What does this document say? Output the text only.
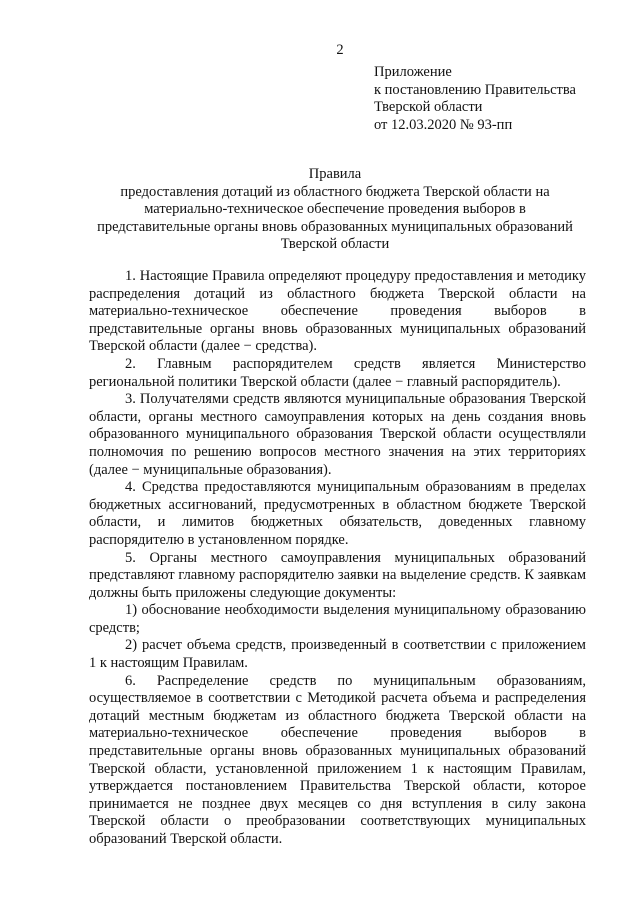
2
Приложение
к постановлению Правительства
Тверской области
от 12.03.2020 № 93-пп
Правила
предоставления дотаций из областного бюджета Тверской области на
материально-техническое обеспечение проведения выборов в
представительные органы вновь образованных муниципальных образований
Тверской области

1. Настоящие Правила определяют процедуру предоставления и методику распределения дотаций из областного бюджета Тверской области на материально-техническое обеспечение проведения выборов в представительные органы вновь образованных муниципальных образований Тверской области (далее − средства).

2. Главным распорядителем средств является Министерство региональной политики Тверской области (далее − главный распорядитель).

3. Получателями средств являются муниципальные образования Тверской области, органы местного самоуправления которых на день создания вновь образованного муниципального образования Тверской области осуществляли полномочия по решению вопросов местного значения на этих территориях (далее − муниципальные образования).

4. Средства предоставляются муниципальным образованиям в пределах бюджетных ассигнований, предусмотренных в областном бюджете Тверской области, и лимитов бюджетных обязательств, доведенных главному распорядителю в установленном порядке.

5. Органы местного самоуправления муниципальных образований представляют главному распорядителю заявки на выделение средств. К заявкам должны быть приложены следующие документы:

1) обоснование необходимости выделения муниципальному образованию средств;

2) расчет объема средств, произведенный в соответствии с приложением 1 к настоящим Правилам.

6. Распределение средств по муниципальным образованиям, осуществляемое в соответствии с Методикой расчета объема и распределения дотаций местным бюджетам из областного бюджета Тверской области на материально-техническое обеспечение проведения выборов в представительные органы вновь образованных муниципальных образований Тверской области, установленной приложением 1 к настоящим Правилам, утверждается постановлением Правительства Тверской области, которое принимается не позднее двух месяцев со дня вступления в силу закона Тверской области о преобразовании соответствующих муниципальных образований Тверской области.
